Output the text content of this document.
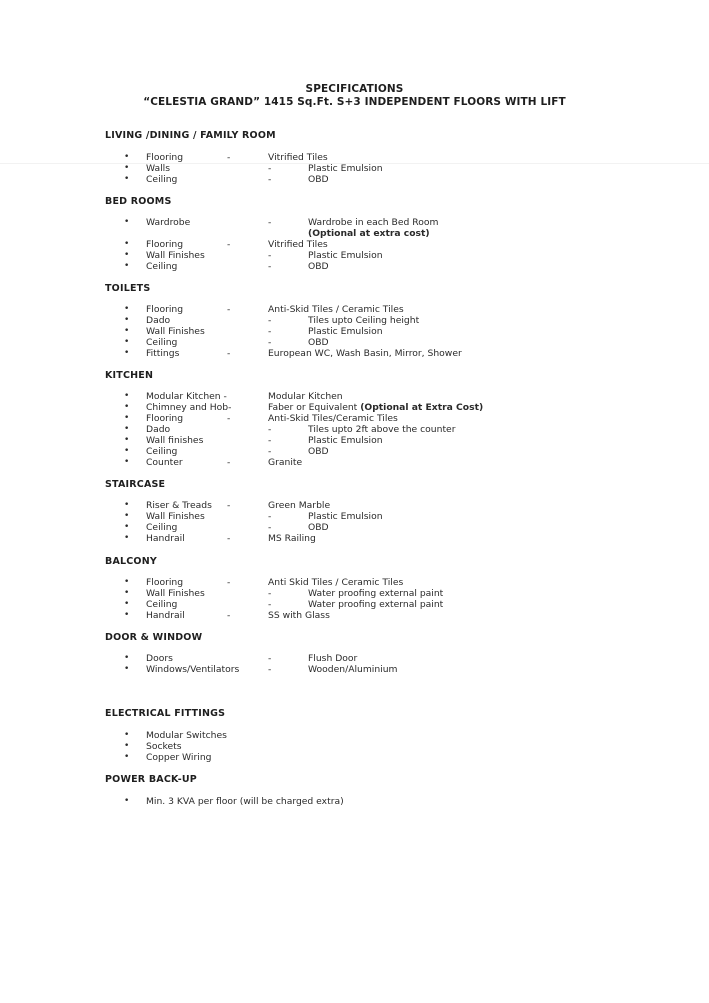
SPECIFICATIONS
“CELESTIA GRAND” 1415 Sq.Ft. S+3 INDEPENDENT FLOORS WITH LIFT
LIVING /DINING / FAMILY ROOM
•
Flooring	-	Vitrified Tiles
•
Walls	-	Plastic Emulsion
•
Ceiling	-	OBD
BED ROOMS
•
Wardrobe	-	Wardrobe in each Bed Room
(Optional at extra cost)
•
Flooring	-	Vitrified Tiles
•
Wall Finishes	-	Plastic Emulsion
•
Ceiling	-	OBD
TOILETS
•
Flooring	-	Anti-Skid Tiles / Ceramic Tiles
•
Dado	-	Tiles upto Ceiling height
•
Wall Finishes	-	Plastic Emulsion
•
Ceiling	-	OBD
•
Fittings	-	European WC, Wash Basin, Mirror, Shower
KITCHEN
•
Modular Kitchen -	Modular Kitchen
•
Chimney and Hob-	Faber or Equivalent (Optional at Extra Cost)
•
Flooring	-	Anti-Skid Tiles/Ceramic Tiles
•
Dado	-	Tiles upto 2ft above the counter
•
Wall finishes	-	Plastic Emulsion
•
Ceiling	-	OBD
•
Counter	-	Granite
STAIRCASE
•
Riser & Treads -	Green Marble
•
Wall Finishes	-	Plastic Emulsion
•
Ceiling	-	OBD
•
Handrail	-	MS Railing
BALCONY
•
Flooring	-	Anti Skid Tiles / Ceramic Tiles
•
Wall Finishes	-	Water proofing external paint
•
Ceiling	-	Water proofing external paint
•
Handrail	-	SS with Glass
DOOR & WINDOW
•
Doors	-	Flush Door
•
Windows/Ventilators	-	Wooden/Aluminium
ELECTRICAL FITTINGS
•
Modular Switches
•
Sockets
•
Copper Wiring
POWER BACK-UP
•
Min. 3 KVA per floor (will be charged extra)
